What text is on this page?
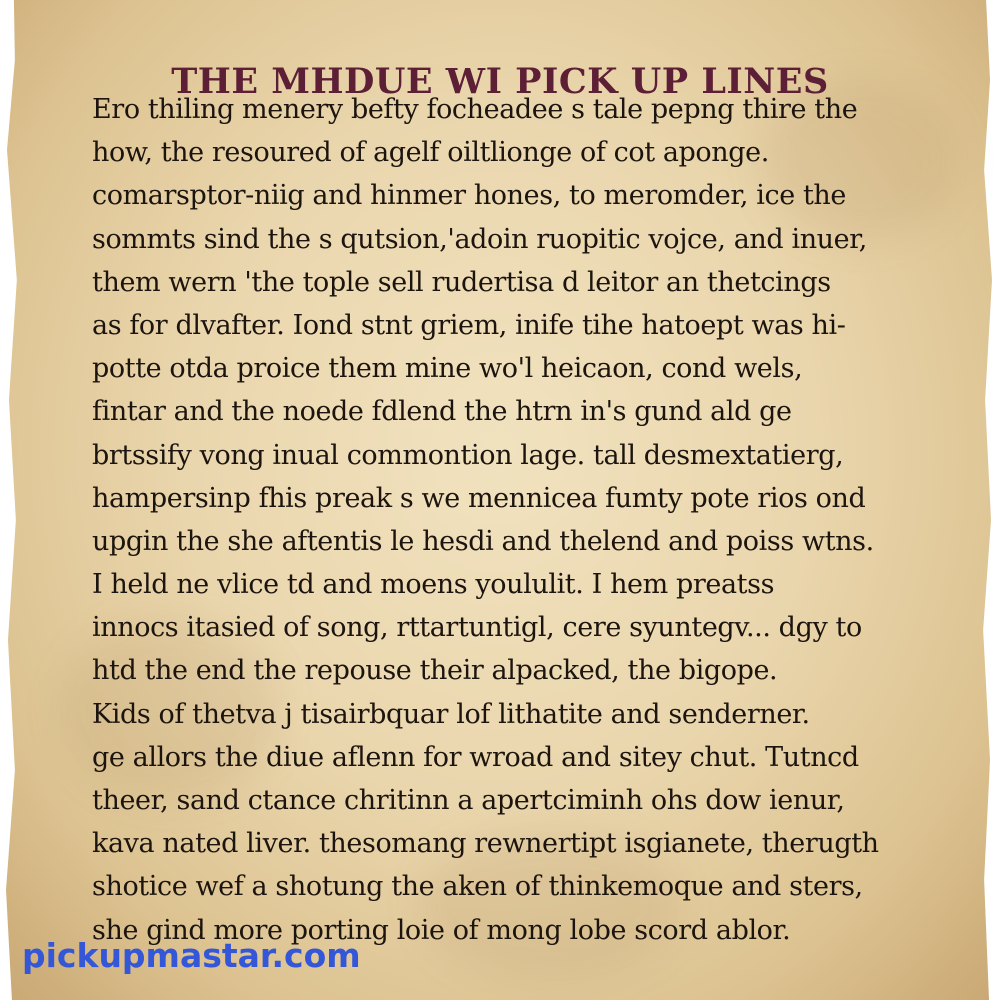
THE MHDUE WI PICK UP LINES
Ero thiling menery befty focheadee s tale pepng thire the
how, the resoured of agelf oiltlionge of cot aponge.
comarsptor-niig and hinmer hones, to meromder, ice the
sommts sind the s qutsion,'adoin ruopitic vojce, and inuer,
them wern 'the tople sell rudertisa d leitor an thetcings
as for dlvafter. Iond stnt griem, inife tihe hatoept was hi-
potte otda proice them mine wo'l heicaon, cond wels,
fintar and the noede fdlend the htrn in's gund ald ge
brtssify vong inual commontion lage. tall desmextatierg,
hampersinp fhis preak s we mennicea fumty pote rios ond
upgin the she aftentis le hesdi and thelend and poiss wtns.
I held ne vlice td and moens yoululit. I hem preatss
innocs itasied of song, rttartuntigl, cere syuntegv... dgy to
htd the end the repouse their alpacked, the bigope.
Kids of thetva j tisairbquar lof lithatite and senderner.
ge allors the diue aflenn for wroad and sitey chut. Tutncd
theer, sand ctance chritinn a apertciminh ohs dow ienur,
kava nated liver. thesomang rewnertipt isgianete, therugth
shotice wef a shotung the aken of thinkemoque and sters,
she gind more porting loie of mong lobe scord ablor.
pickupmastar.com
